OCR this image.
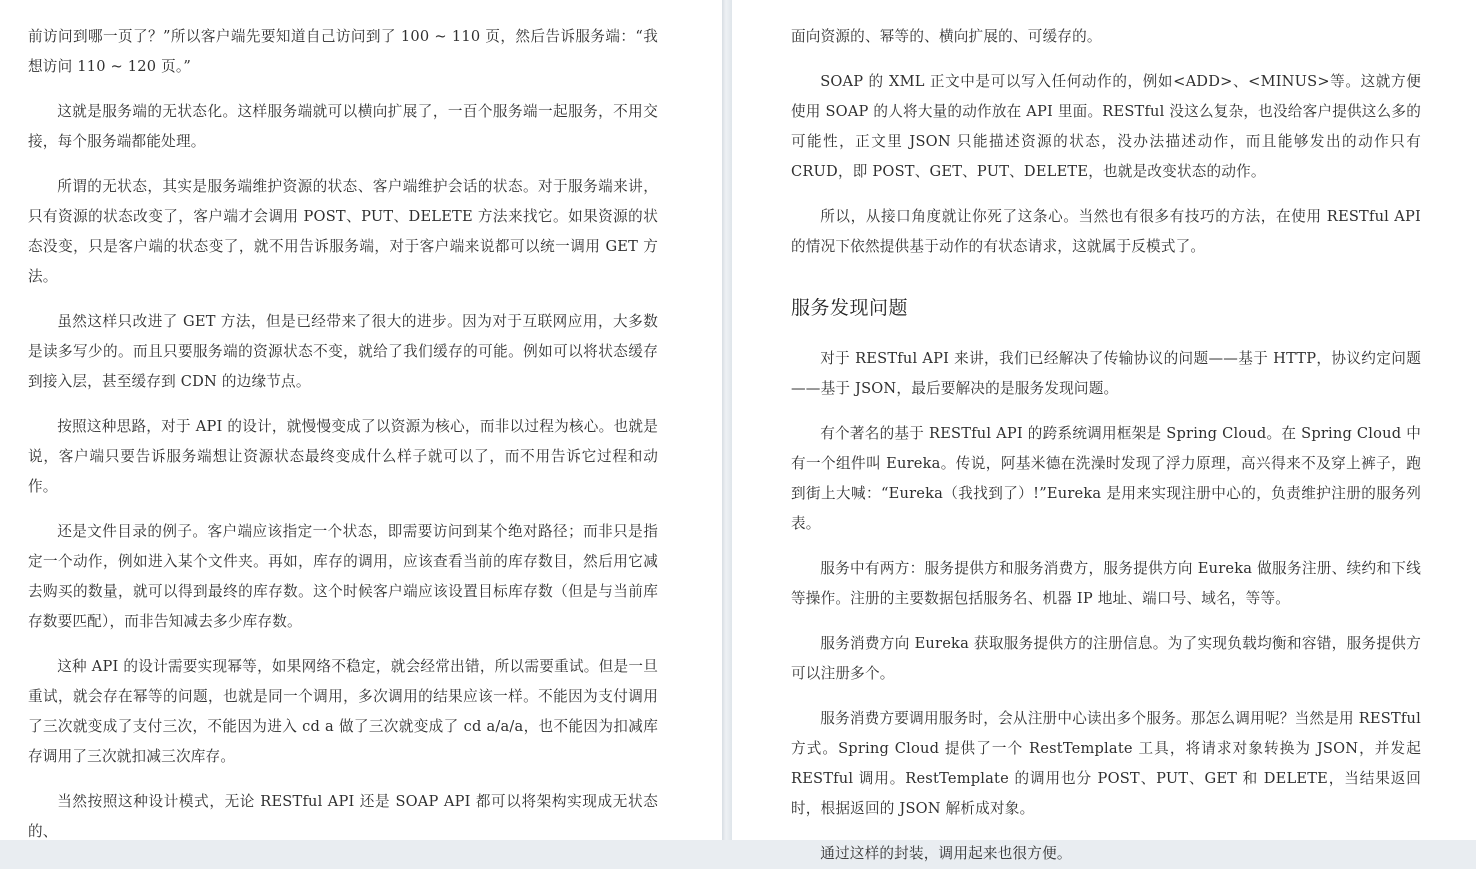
前访问到哪一页了？”所以客户端先要知道自己访问到了 100 ~ 110 页，然后告诉服务端：“我想访问 110 ~ 120 页。”

这就是服务端的无状态化。这样服务端就可以横向扩展了，一百个服务端一起服务，不用交接，每个服务端都能处理。

所谓的无状态，其实是服务端维护资源的状态、客户端维护会话的状态。对于服务端来讲，只有资源的状态改变了，客户端才会调用 POST、PUT、DELETE 方法来找它。如果资源的状态没变，只是客户端的状态变了，就不用告诉服务端，对于客户端来说都可以统一调用 GET 方法。

虽然这样只改进了 GET 方法，但是已经带来了很大的进步。因为对于互联网应用，大多数是读多写少的。而且只要服务端的资源状态不变，就给了我们缓存的可能。例如可以将状态缓存到接入层，甚至缓存到 CDN 的边缘节点。

按照这种思路，对于 API 的设计，就慢慢变成了以资源为核心，而非以过程为核心。也就是说，客户端只要告诉服务端想让资源状态最终变成什么样子就可以了，而不用告诉它过程和动作。

还是文件目录的例子。客户端应该指定一个状态，即需要访问到某个绝对路径；而非只是指定一个动作，例如进入某个文件夹。再如，库存的调用，应该查看当前的库存数目，然后用它减去购买的数量，就可以得到最终的库存数。这个时候客户端应该设置目标库存数（但是与当前库存数要匹配），而非告知减去多少库存数。

这种 API 的设计需要实现幂等，如果网络不稳定，就会经常出错，所以需要重试。但是一旦重试，就会存在幂等的问题，也就是同一个调用，多次调用的结果应该一样。不能因为支付调用了三次就变成了支付三次，不能因为进入 cd a 做了三次就变成了 cd a/a/a，也不能因为扣减库存调用了三次就扣减三次库存。

当然按照这种设计模式，无论 RESTful API 还是 SOAP API 都可以将架构实现成无状态的、

面向资源的、幂等的、横向扩展的、可缓存的。

SOAP 的 XML 正文中是可以写入任何动作的，例如<ADD>、<MINUS>等。这就方便使用 SOAP 的人将大量的动作放在 API 里面。RESTful 没这么复杂，也没给客户提供这么多的可能性，正文里 JSON 只能描述资源的状态，没办法描述动作，而且能够发出的动作只有 CRUD，即 POST、GET、PUT、DELETE，也就是改变状态的动作。

所以，从接口角度就让你死了这条心。当然也有很多有技巧的方法，在使用 RESTful API 的情况下依然提供基于动作的有状态请求，这就属于反模式了。

服务发现问题

对于 RESTful API 来讲，我们已经解决了传输协议的问题——基于 HTTP，协议约定问题——基于 JSON，最后要解决的是服务发现问题。

有个著名的基于 RESTful API 的跨系统调用框架是 Spring Cloud。在 Spring Cloud 中有一个组件叫 Eureka。传说，阿基米德在洗澡时发现了浮力原理，高兴得来不及穿上裤子，跑到街上大喊：“Eureka（我找到了）!”Eureka 是用来实现注册中心的，负责维护注册的服务列表。

服务中有两方：服务提供方和服务消费方，服务提供方向 Eureka 做服务注册、续约和下线等操作。注册的主要数据包括服务名、机器 IP 地址、端口号、域名，等等。

服务消费方向 Eureka 获取服务提供方的注册信息。为了实现负载均衡和容错，服务提供方可以注册多个。

服务消费方要调用服务时，会从注册中心读出多个服务。那怎么调用呢？当然是用 RESTful 方式。Spring Cloud 提供了一个 RestTemplate 工具，将请求对象转换为 JSON，并发起 RESTful 调用。RestTemplate 的调用也分 POST、PUT、GET 和 DELETE，当结果返回时，根据返回的 JSON 解析成对象。

通过这样的封装，调用起来也很方便。
